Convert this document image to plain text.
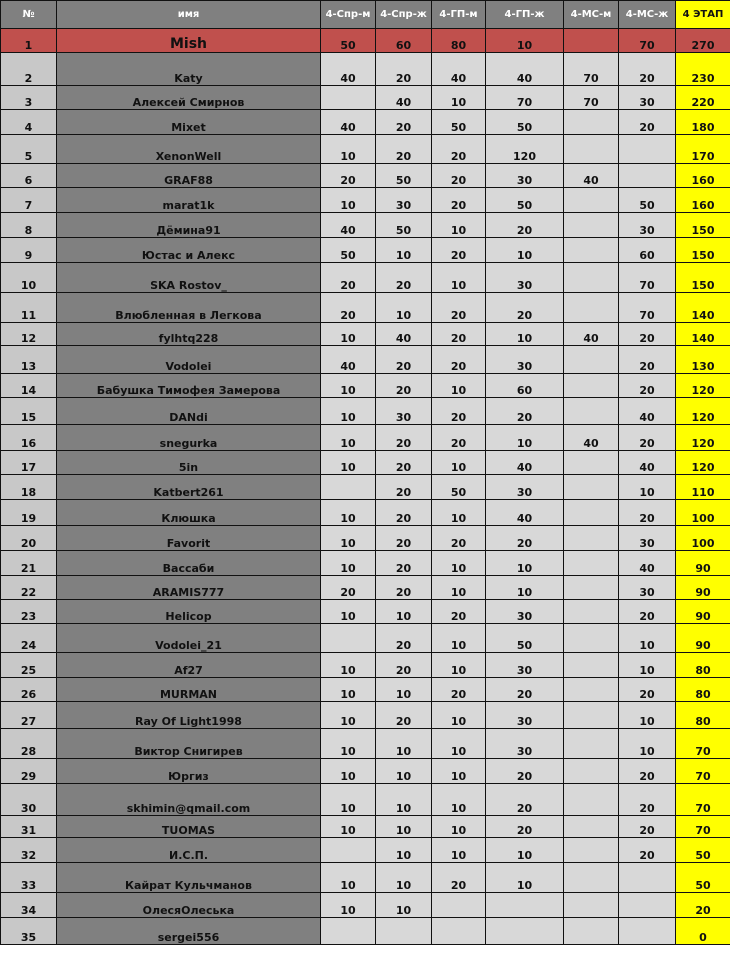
№	имя	4-Спр-м	4-Спр-ж	4-ГП-м	4-ГП-ж	4-МС-м	4-МС-ж	4 ЭТАП
1	Mish	50	60	80	10		70	270
2	Katy	40	20	40	40	70	20	230
3	Алексей Смирнов		40	10	70	70	30	220
4	Mixet	40	20	50	50		20	180
5	XenonWell	10	20	20	120			170
6	GRAF88	20	50	20	30	40		160
7	marat1k	10	30	20	50		50	160
8	Дёмина91	40	50	10	20		30	150
9	Юстас и Алекс	50	10	20	10		60	150
10	SKA Rostov_	20	20	10	30		70	150
11	Влюбленная в Легкова	20	10	20	20		70	140
12	fylhtq228	10	40	20	10	40	20	140
13	Vodolei	40	20	20	30		20	130
14	Бабушка Тимофея Замерова	10	20	10	60		20	120
15	DANdi	10	30	20	20		40	120
16	snegurka	10	20	20	10	40	20	120
17	5in	10	20	10	40		40	120
18	Katbert261		20	50	30		10	110
19	Клюшка	10	20	10	40		20	100
20	Favorit	10	20	20	20		30	100
21	Вассаби	10	20	10	10		40	90
22	ARAMIS777	20	20	10	10		30	90
23	Helicop	10	10	20	30		20	90
24	Vodolei_21		20	10	50		10	90
25	Af27	10	20	10	30		10	80
26	MURMAN	10	10	20	20		20	80
27	Ray Of Light1998	10	20	10	30		10	80
28	Виктор Снигирев	10	10	10	30		10	70
29	Юргиз	10	10	10	20		20	70
30	skhimin@qmail.com	10	10	10	20		20	70
31	TUOMAS	10	10	10	20		20	70
32	И.С.П.		10	10	10		20	50
33	Кайрат Кульчманов	10	10	20	10			50
34	ОлесяОлеська	10	10					20
35	sergei556							0
